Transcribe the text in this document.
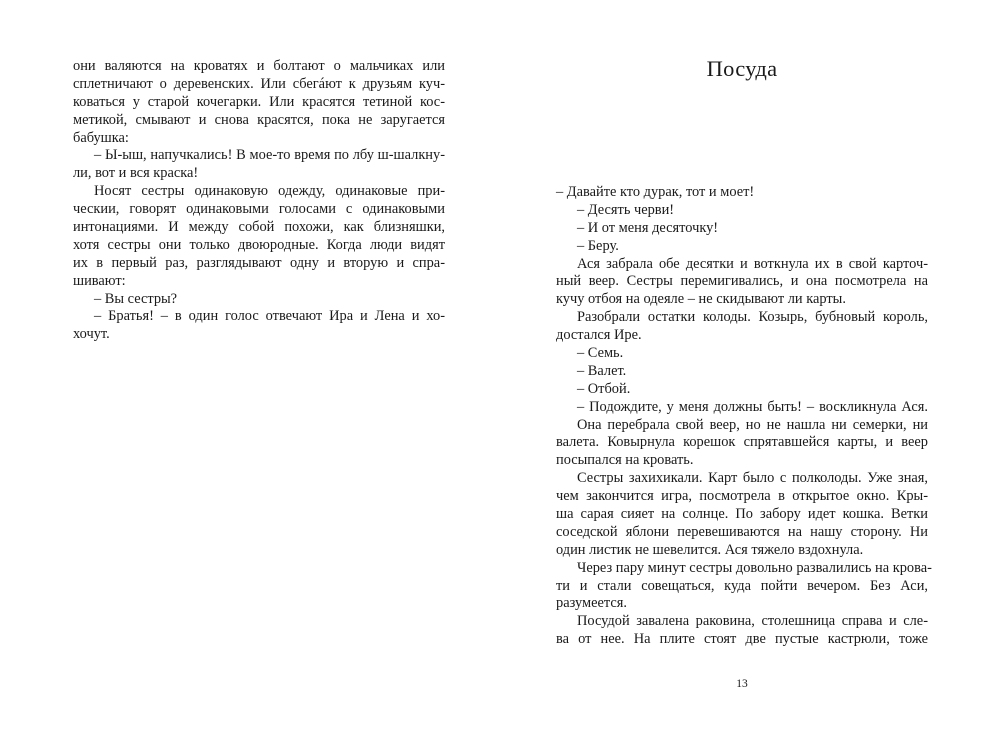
они валяются на кроватях и болтают о мальчиках или
сплетничают о деревенских. Или сбегáют к друзьям куч-
коваться у старой кочегарки. Или красятся тетиной кос-
метикой, смывают и снова красятся, пока не заругается
бабушка:
– Ы-ыш, напучкались! В мое-то время по лбу ш-шалкну-
ли, вот и вся краска!
Носят сестры одинаковую одежду, одинаковые при-
ческии, говорят одинаковыми голосами с одинаковыми
интонациями. И между собой похожи, как близняшки,
хотя сестры они только двоюродные. Когда люди видят
их в первый раз, разглядывают одну и вторую и спра-
шивают:
– Вы сестры?
– Братья! – в один голос отвечают Ира и Лена и хо-
хочут.
Посуда
– Давайте кто дурак, тот и моет!
– Десять черви!
– И от меня десяточку!
– Беру.
Ася забрала обе десятки и воткнула их в свой карточ-
ный веер. Сестры перемигивались, и она посмотрела на
кучу отбоя на одеяле – не скидывают ли карты.
Разобрали остатки колоды. Козырь, бубновый король,
достался Ире.
– Семь.
– Валет.
– Отбой.
– Подождите, у меня должны быть! – воскликнула Ася.
Она перебрала свой веер, но не нашла ни семерки, ни
валета. Ковырнула корешок спрятавшейся карты, и веер
посыпался на кровать.
Сестры захихикали. Карт было с полколоды. Уже зная,
чем закончится игра, посмотрела в открытое окно. Кры-
ша сарая сияет на солнце. По забору идет кошка. Ветки
соседской яблони перевешиваются на нашу сторону. Ни
один листик не шевелится. Ася тяжело вздохнула.
Через пару минут сестры довольно развалились на крова-
ти и стали совещаться, куда пойти вечером. Без Аси,
разумеется.
Посудой завалена раковина, столешница справа и сле-
ва от нее. На плите стоят две пустые кастрюли, тоже
13
